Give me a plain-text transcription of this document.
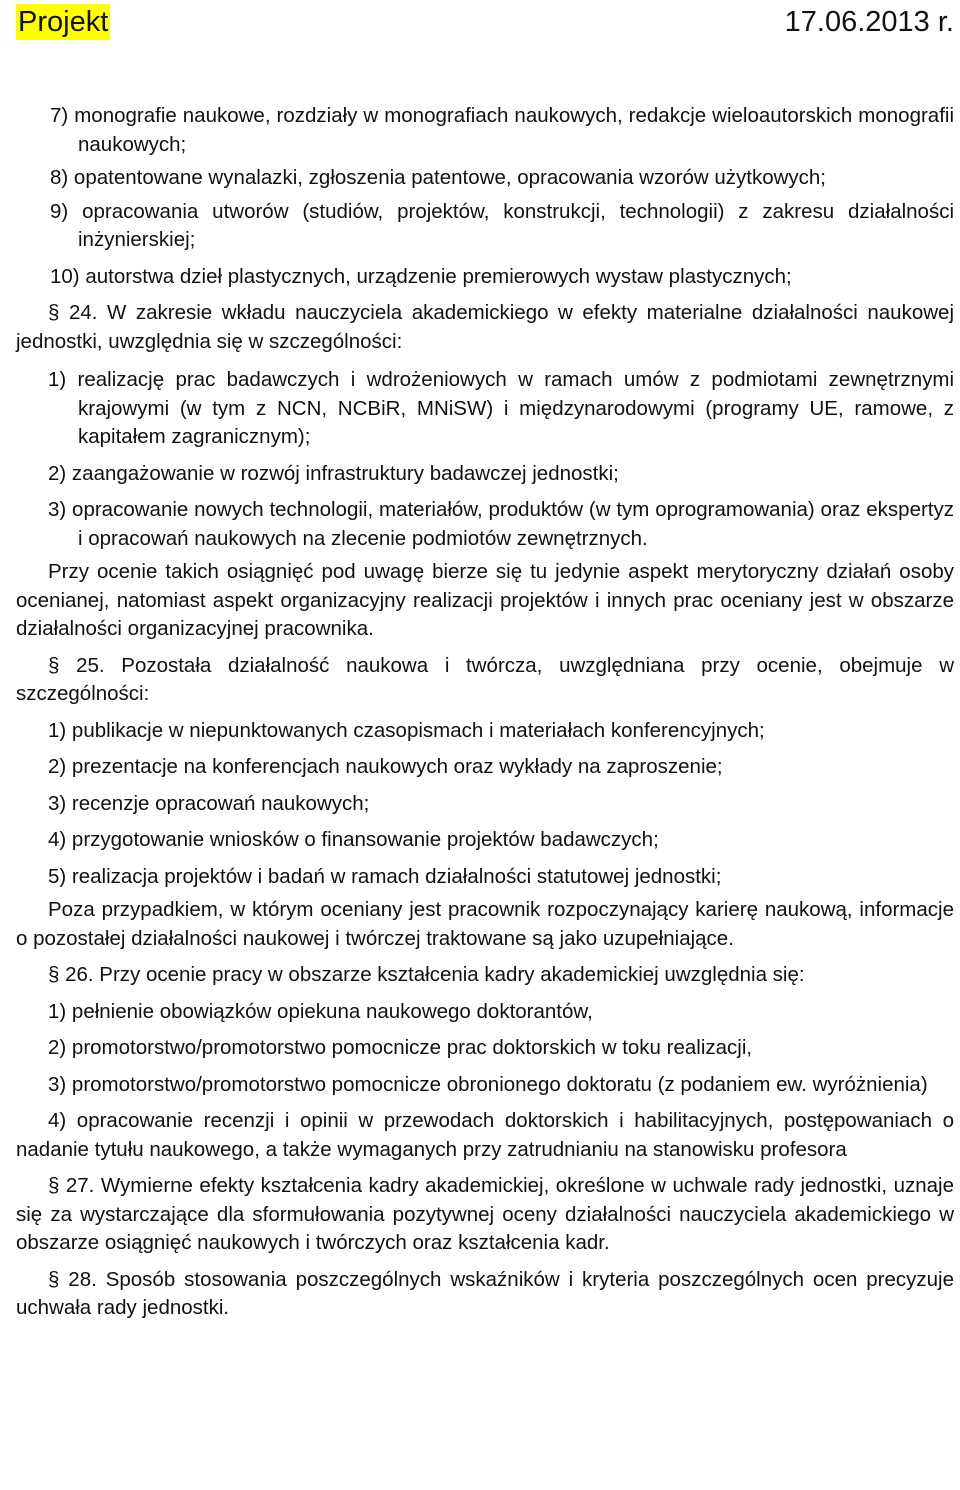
Projekt	17.06.2013 r.

7) monografie naukowe, rozdziały w monografiach naukowych, redakcje wieloautorskich monografii naukowych;

8) opatentowane wynalazki, zgłoszenia patentowe, opracowania wzorów użytkowych;

9) opracowania utworów (studiów, projektów, konstrukcji, technologii) z zakresu działalności inżynierskiej;

10) autorstwa dzieł plastycznych, urządzenie premierowych wystaw plastycznych;

§ 24. W zakresie wkładu nauczyciela akademickiego w efekty materialne działalności naukowej jednostki, uwzględnia się w szczególności:

1) realizację prac badawczych i wdrożeniowych w ramach umów z podmiotami zewnętrznymi krajowymi (w tym z NCN, NCBiR, MNiSW) i międzynarodowymi (programy UE, ramowe, z kapitałem zagranicznym);

2) zaangażowanie w rozwój infrastruktury badawczej jednostki;

3) opracowanie nowych technologii, materiałów, produktów (w tym oprogramowania) oraz ekspertyz i opracowań naukowych na zlecenie podmiotów zewnętrznych.

Przy ocenie takich osiągnięć pod uwagę bierze się tu jedynie aspekt merytoryczny działań osoby ocenianej, natomiast aspekt organizacyjny realizacji projektów i innych prac oceniany jest w obszarze działalności organizacyjnej pracownika.

§ 25. Pozostała działalność naukowa i twórcza, uwzględniana przy ocenie, obejmuje w szczególności:

1) publikacje w niepunktowanych czasopismach i materiałach konferencyjnych;

2) prezentacje na konferencjach naukowych oraz wykłady na zaproszenie;

3) recenzje opracowań naukowych;

4) przygotowanie wniosków o finansowanie projektów badawczych;

5) realizacja projektów i badań w ramach działalności statutowej jednostki;

Poza przypadkiem, w którym oceniany jest pracownik rozpoczynający karierę naukową, informacje o pozostałej działalności naukowej i twórczej traktowane są jako uzupełniające.

§ 26. Przy ocenie pracy w obszarze kształcenia kadry akademickiej uwzględnia się:

1) pełnienie obowiązków opiekuna naukowego doktorantów,

2) promotorstwo/promotorstwo pomocnicze prac doktorskich w toku realizacji,

3) promotorstwo/promotorstwo pomocnicze obronionego doktoratu (z podaniem ew. wyróżnienia)

4) opracowanie recenzji i opinii w przewodach doktorskich i habilitacyjnych, postępowaniach o nadanie tytułu naukowego, a także wymaganych przy zatrudnianiu na stanowisku profesora

§ 27. Wymierne efekty kształcenia kadry akademickiej, określone w uchwale rady jednostki, uznaje się za wystarczające dla sformułowania pozytywnej oceny działalności nauczyciela akademickiego w obszarze osiągnięć naukowych i twórczych oraz kształcenia kadr.

§ 28. Sposób stosowania poszczególnych wskaźników i kryteria poszczególnych ocen precyzuje uchwała rady jednostki.
